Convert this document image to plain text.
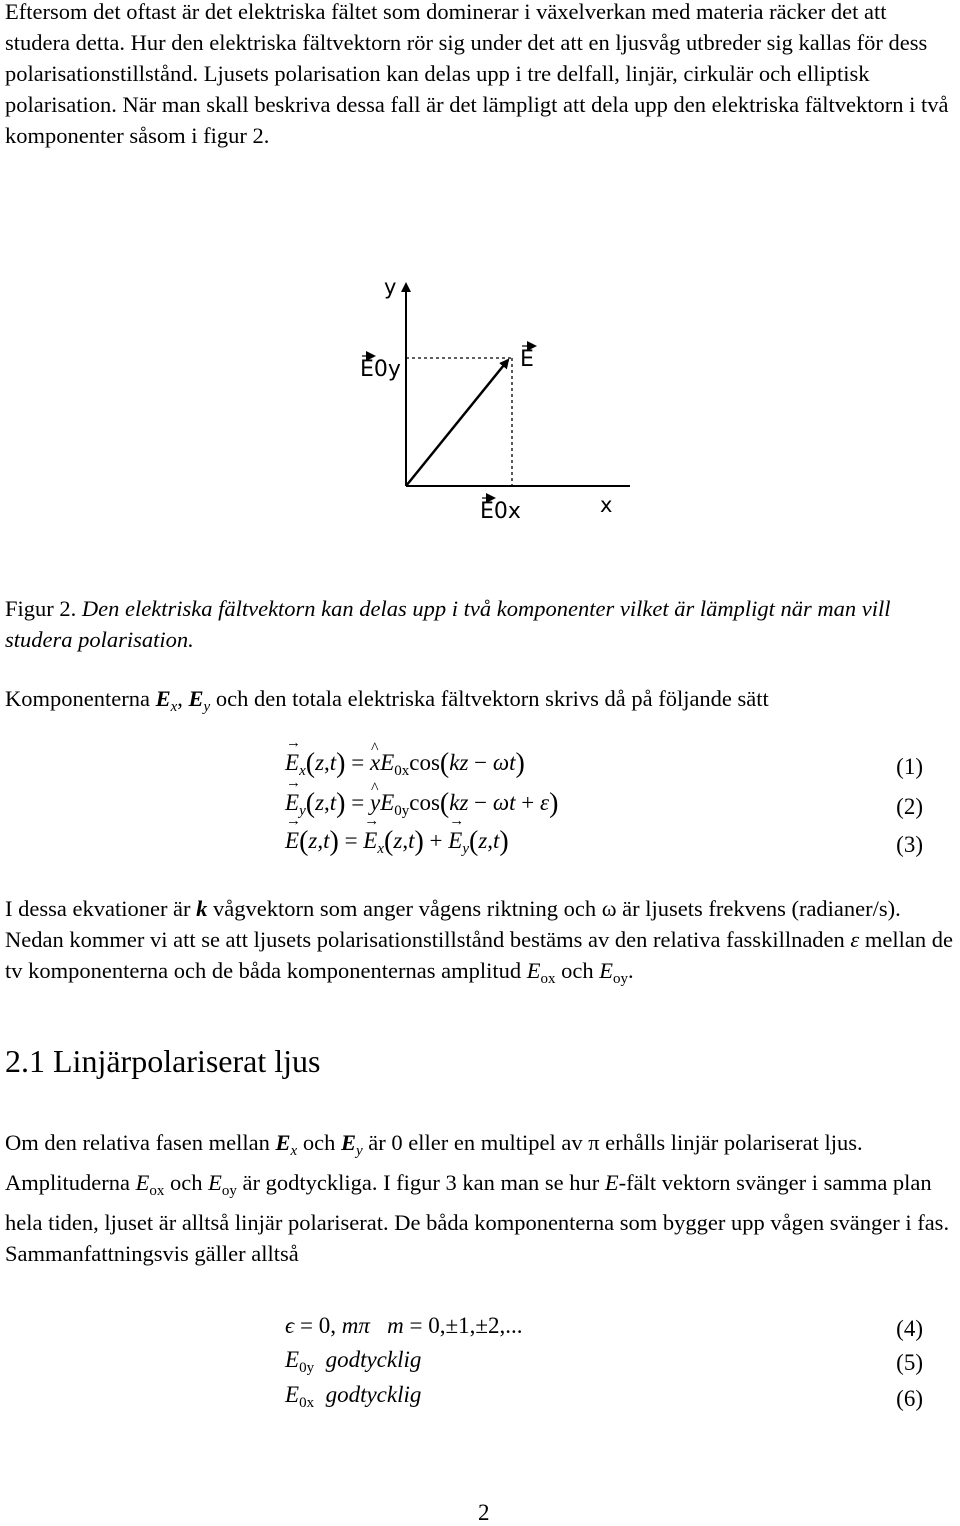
Eftersom det oftast är det elektriska fältet som dominerar i växelverkan med materia räcker det att studera detta. Hur den elektriska fältvektorn rör sig under det att en ljusvåg utbreder sig kallas för dess polarisationstillstånd. Ljusets polarisation kan delas upp i tre delfall, linjär, cirkulär och elliptisk polarisation. När man skall beskriva dessa fall är det lämpligt att dela upp den elektriska fältvektorn i två komponenter såsom i figur 2.

y
x
E
E0y
E0x

Figur 2. Den elektriska fältvektorn kan delas upp i två komponenter vilket är lämpligt när man vill studera polarisation.

Komponenterna $E_x$, $E_y$ och den totala elektriska fältvektorn skrivs då på följande sätt

→ $E_x(z,t)$ = ^ $xE_{0x}\cos(kz - \omega t)$	(1)
→ $E_y(z,t)$ = ^ $yE_{0y}\cos(kz - \omega t + \varepsilon)$	(2)
→ E(z,t) = → $E_x(z,t)$ + → $E_y(z,t)$	(3)

I dessa ekvationer är k vågvektorn som anger vågens riktning och ω är ljusets frekvens (radianer/s). Nedan kommer vi att se att ljusets polarisationstillstånd bestäms av den relativa fasskillnaden ε mellan de tv komponenterna och de båda komponenternas amplitud $E_{ox}$ och $E_{oy}$.

2.1 Linjärpolariserat ljus

Om den relativa fasen mellan $E_x$ och $E_y$ är 0 eller en multipel av π erhålls linjär polariserat ljus. Amplituderna $E_{ox}$ och $E_{oy}$ är godtyckliga. I figur 3 kan man se hur E-fält vektorn svänger i samma plan hela tiden, ljuset är alltså linjär polariserat. De båda komponenterna som bygger upp vågen svänger i fas. Sammanfattningsvis gäller alltså

ϵ = 0, mπ m = 0,±1,±2,...	(4)
$E_{0y}$ godtycklig	(5)
$E_{0x}$ godtycklig	(6)
2
